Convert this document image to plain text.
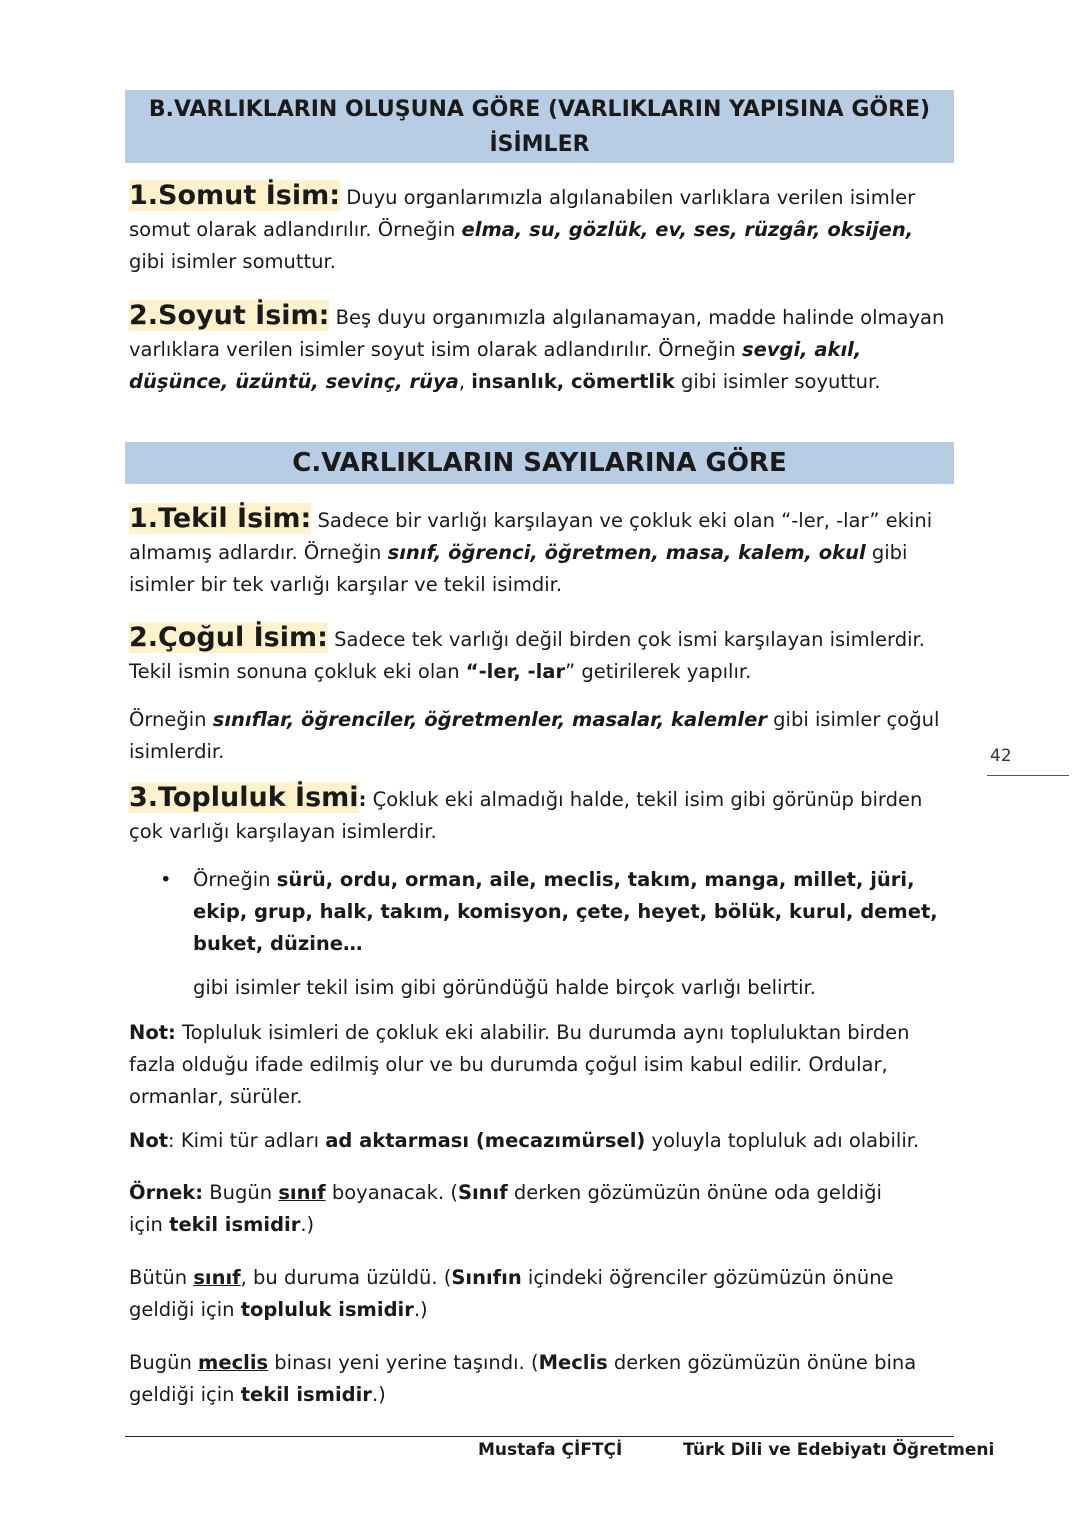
B.VARLIKLARIN OLUŞUNA GÖRE (VARLIKLARIN YAPISINA GÖRE)
İSİMLER
1.Somut İsim: Duyu organlarımızla algılanabilen varlıklara verilen isimler somut olarak adlandırılır. Örneğin elma, su, gözlük, ev, ses, rüzgâr, oksijen, gibi isimler somuttur.
2.Soyut İsim: Beş duyu organımızla algılanamayan, madde halinde olmayan varlıklara verilen isimler soyut isim olarak adlandırılır. Örneğin sevgi, akıl, düşünce, üzüntü, sevinç, rüya, insanlık, cömertlik gibi isimler soyuttur.
C.VARLIKLARIN SAYILARINA GÖRE
1.Tekil İsim: Sadece bir varlığı karşılayan ve çokluk eki olan “-ler, -lar” ekini almamış adlardır. Örneğin sınıf, öğrenci, öğretmen, masa, kalem, okul gibi isimler bir tek varlığı karşılar ve tekil isimdir.
2.Çoğul İsim: Sadece tek varlığı değil birden çok ismi karşılayan isimlerdir. Tekil ismin sonuna çokluk eki olan “-ler, -lar” getirilerek yapılır.
Örneğin sınıflar, öğrenciler, öğretmenler, masalar, kalemler gibi isimler çoğul isimlerdir.
3.Topluluk İsmi: Çokluk eki almadığı halde, tekil isim gibi görünüp birden çok varlığı karşılayan isimlerdir.
• Örneğin sürü, ordu, orman, aile, meclis, takım, manga, millet, jüri, ekip, grup, halk, takım, komisyon, çete, heyet, bölük, kurul, demet, buket, düzine…
gibi isimler tekil isim gibi göründüğü halde birçok varlığı belirtir.
Not: Topluluk isimleri de çokluk eki alabilir. Bu durumda aynı topluluktan birden fazla olduğu ifade edilmiş olur ve bu durumda çoğul isim kabul edilir. Ordular, ormanlar, sürüler.
Not: Kimi tür adları ad aktarması (mecazımürsel) yoluyla topluluk adı olabilir.
Örnek: Bugün sınıf boyanacak. (Sınıf derken gözümüzün önüne oda geldiği için tekil ismidir.)
Bütün sınıf, bu duruma üzüldü. (Sınıfın içindeki öğrenciler gözümüzün önüne geldiği için topluluk ismidir.)
Bugün meclis binası yeni yerine taşındı. (Meclis derken gözümüzün önüne bina geldiği için tekil ismidir.)
42
Mustafa ÇİFTÇİ	Türk Dili ve Edebiyatı Öğretmeni
